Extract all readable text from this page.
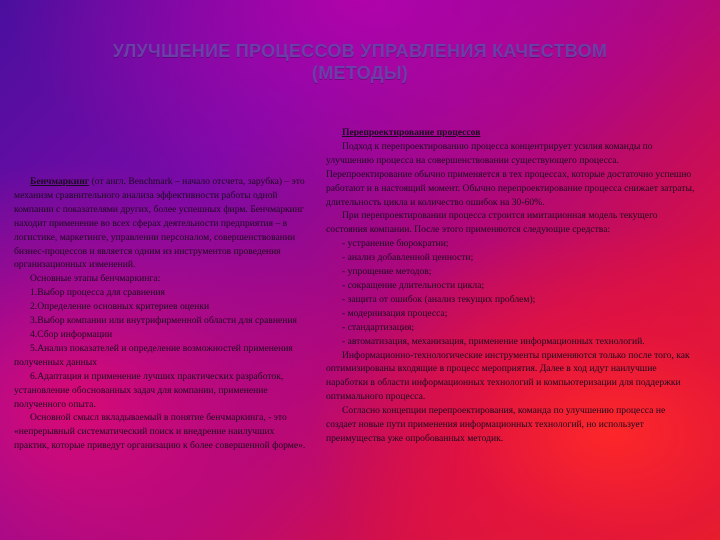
УЛУЧШЕНИЕ ПРОЦЕССОВ УПРАВЛЕНИЯ КАЧЕСТВОМ
(МЕТОДЫ)

Бенчмаркинг (от англ. Benchmark – начало отсчета, зарубка) – это механизм сравнительного анализа эффективности работы одной компании с показателями других, более успешных фирм. Бенчмаркинг находит применение во всех сферах деятельности предприятия – в логистике, маркетинге, управлении персоналом, совершенствовании бизнес-процессов и является одним из инструментов проведения организационных изменений.

Основные этапы бенчмаркинга:

1.Выбор процесса для сравнения

2.Определение основных критериев оценки

3.Выбор компании или внутрифирменной области для сравнения

4.Сбор информации

5.Анализ показателей и определение возможностей применения полученных данных

6.Адаптация и применение лучших практических разработок, установление обоснованных задач для компании, применение полученного опыта.

Основной смысл вкладываемый в понятие бенчмаркинга, - это «непрерывный систематический поиск и внедрение наилучших практик, которые приведут организацию к более совершенной форме».

Перепроектирование процессов

Подход к перепроектированию процесса концентрирует усилия команды по улучшению процесса на совершенствовании существующего процесса. Перепроектирование обычно применяется в тех процессах, которые достаточно успешно работают и в настоящий момент. Обычно перепроектирование процесса снижает затраты, длительность цикла и количество ошибок на 30-60%.

При перепроектировании процесса строится имитационная модель текущего состояния компании. После этого применяются следующие средства:

- устранение бюрократии;

- анализ добавленной ценности;

- упрощение методов;

- сокращение длительности цикла;

- защита от ошибок (анализ текущих проблем);

- модернизация процесса;

- стандартизация;

- автоматизация, механизация, применение информационных технологий.

Информационно-технологические инструменты применяются только после того, как оптимизированы входящие в процесс мероприятия. Далее в ход идут наилучшие наработки в области информационных технологий и компьютеризации для поддержки оптимального процесса.

Согласно концепции перепроектирования, команда по улучшению процесса не создает новые пути применения информационных технологий, но использует преимущества уже опробованных методик.
